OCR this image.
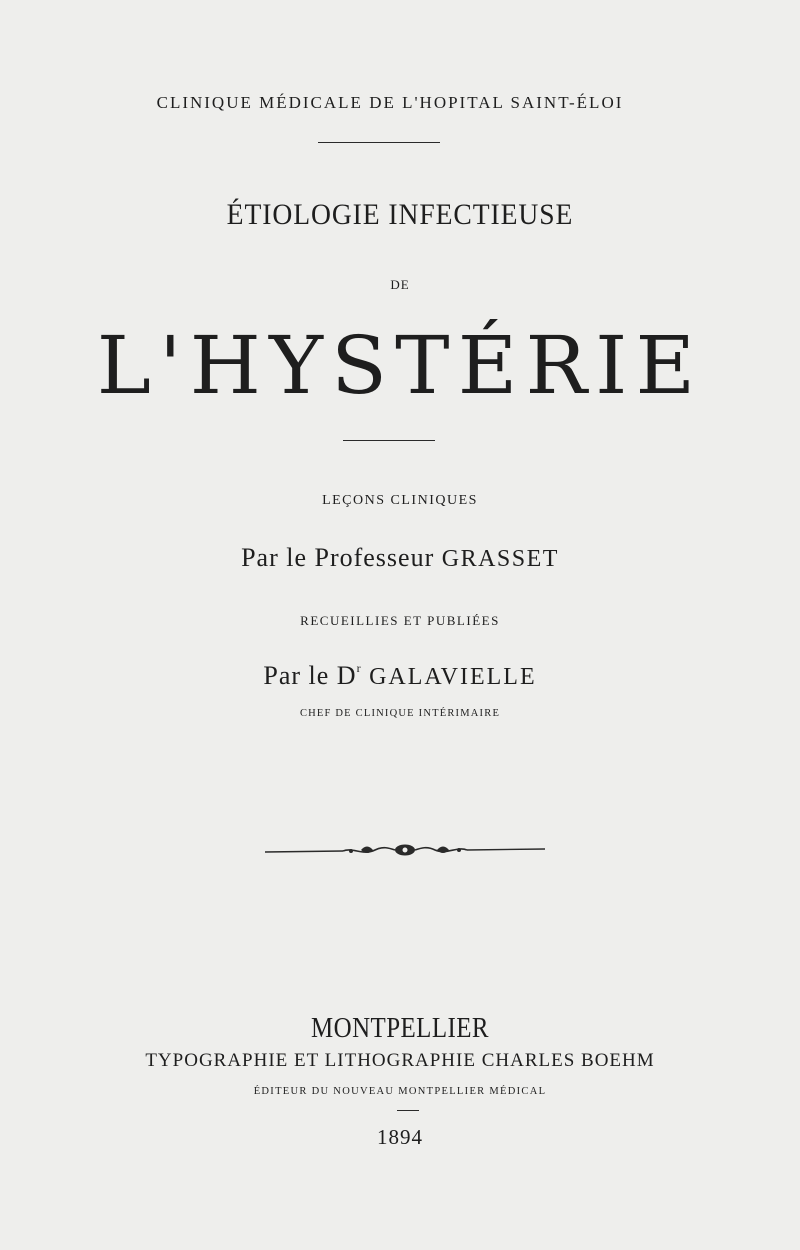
CLINIQUE MÉDICALE DE L'HOPITAL SAINT-ÉLOI
ÉTIOLOGIE INFECTIEUSE
DE
L'HYSTÉRIE
LEÇONS CLINIQUES
Par le Professeur GRASSET
RECUEILLIES ET PUBLIÉES
Par le $D^r$ GALAVIELLE
CHEF DE CLINIQUE INTÉRIMAIRE
MONTPELLIER
TYPOGRAPHIE ET LITHOGRAPHIE CHARLES BOEHM
ÉDITEUR DU NOUVEAU MONTPELLIER MÉDICAL
1894
